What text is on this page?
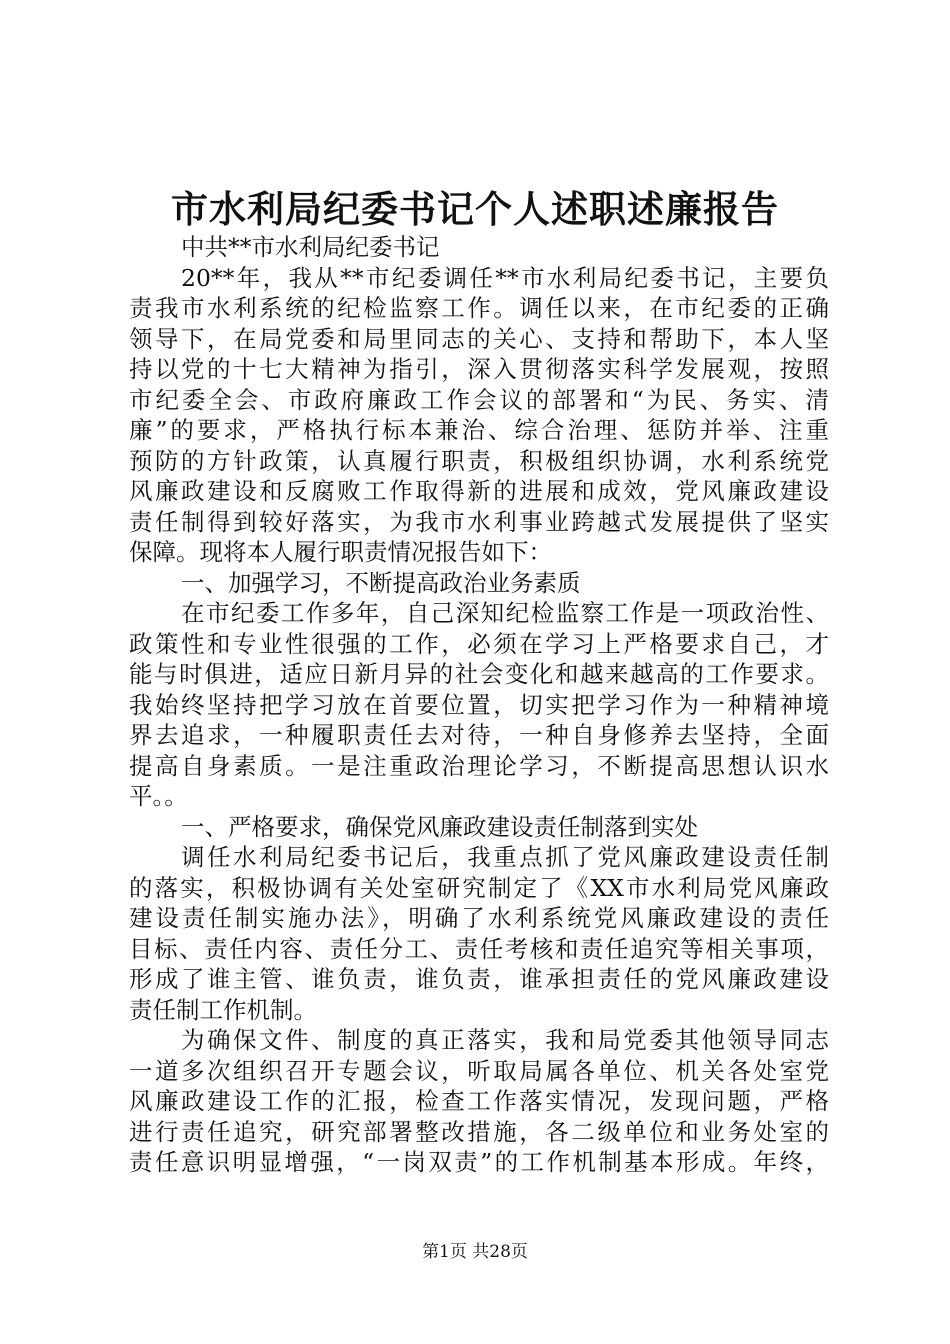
市水利局纪委书记个人述职述廉报告
中共**市水利局纪委书记
20**年，我从**市纪委调任**市水利局纪委书记，主要负
责我市水利系统的纪检监察工作。调任以来，在市纪委的正确
领导下，在局党委和局里同志的关心、支持和帮助下，本人坚
持以党的十七大精神为指引，深入贯彻落实科学发展观，按照
市纪委全会、市政府廉政工作会议的部署和“为民、务实、清
廉”的要求，严格执行标本兼治、综合治理、惩防并举、注重
预防的方针政策，认真履行职责，积极组织协调，水利系统党
风廉政建设和反腐败工作取得新的进展和成效，党风廉政建设
责任制得到较好落实，为我市水利事业跨越式发展提供了坚实
保障。现将本人履行职责情况报告如下：
一、加强学习，不断提高政治业务素质
在市纪委工作多年，自己深知纪检监察工作是一项政治性、
政策性和专业性很强的工作，必须在学习上严格要求自己，才
能与时俱进，适应日新月异的社会变化和越来越高的工作要求。
我始终坚持把学习放在首要位置，切实把学习作为一种精神境
界去追求，一种履职责任去对待，一种自身修养去坚持，全面
提高自身素质。一是注重政治理论学习，不断提高思想认识水
平。。
一、严格要求，确保党风廉政建设责任制落到实处
调任水利局纪委书记后，我重点抓了党风廉政建设责任制
的落实，积极协调有关处室研究制定了《XX市水利局党风廉政
建设责任制实施办法》，明确了水利系统党风廉政建设的责任
目标、责任内容、责任分工、责任考核和责任追究等相关事项，
形成了谁主管、谁负责，谁负责，谁承担责任的党风廉政建设
责任制工作机制。
为确保文件、制度的真正落实，我和局党委其他领导同志
一道多次组织召开专题会议，听取局属各单位、机关各处室党
风廉政建设工作的汇报，检查工作落实情况，发现问题，严格
进行责任追究，研究部署整改措施，各二级单位和业务处室的
责任意识明显增强，“一岗双责”的工作机制基本形成。年终，
第1页 共28页
